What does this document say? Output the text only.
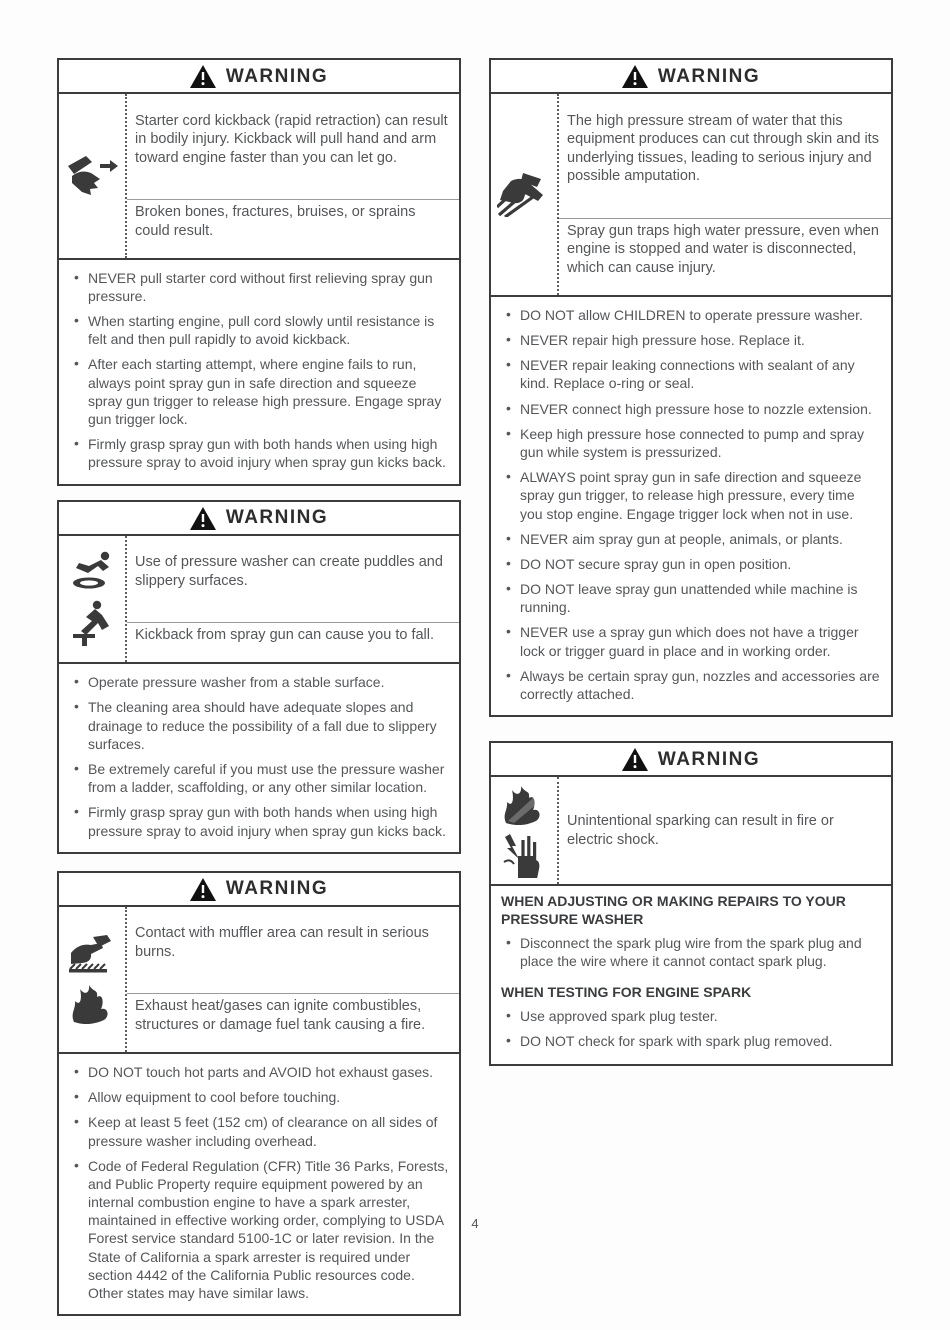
WARNING

Starter cord kickback (rapid retraction) can result in bodily injury. Kickback will pull hand and arm toward engine faster than you can let go.

Broken bones, fractures, bruises, or sprains could result.

• NEVER pull starter cord without first relieving spray gun pressure.
• When starting engine, pull cord slowly until resistance is felt and then pull rapidly to avoid kickback.
• After each starting attempt, where engine fails to run, always point spray gun in safe direction and squeeze spray gun trigger to release high pressure. Engage spray gun trigger lock.
• Firmly grasp spray gun with both hands when using high pressure spray to avoid injury when spray gun kicks back.
WARNING

Use of pressure washer can create puddles and slippery surfaces.

Kickback from spray gun can cause you to fall.

• Operate pressure washer from a stable surface.
• The cleaning area should have adequate slopes and drainage to reduce the possibility of a fall due to slippery surfaces.
• Be extremely careful if you must use the pressure washer from a ladder, scaffolding, or any other similar location.
• Firmly grasp spray gun with both hands when using high pressure spray to avoid injury when spray gun kicks back.
WARNING

Contact with muffler area can result in serious burns.

Exhaust heat/gases can ignite combustibles, structures or damage fuel tank causing a fire.

• DO NOT touch hot parts and AVOID hot exhaust gases.
• Allow equipment to cool before touching.
• Keep at least 5 feet (152 cm) of clearance on all sides of pressure washer including overhead.
• Code of Federal Regulation (CFR) Title 36 Parks, Forests, and Public Property require equipment powered by an internal combustion engine to have a spark arrester, maintained in effective working order, complying to USDA Forest service standard 5100-1C or later revision. In the State of California a spark arrester is required under section 4442 of the California Public resources code. Other states may have similar laws.
WARNING

The high pressure stream of water that this equipment produces can cut through skin and its underlying tissues, leading to serious injury and possible amputation.

Spray gun traps high water pressure, even when engine is stopped and water is disconnected, which can cause injury.

• DO NOT allow CHILDREN to operate pressure washer.
• NEVER repair high pressure hose. Replace it.
• NEVER repair leaking connections with sealant of any kind. Replace o-ring or seal.
• NEVER connect high pressure hose to nozzle extension.
• Keep high pressure hose connected to pump and spray gun while system is pressurized.
• ALWAYS point spray gun in safe direction and squeeze spray gun trigger, to release high pressure, every time you stop engine. Engage trigger lock when not in use.
• NEVER aim spray gun at people, animals, or plants.
• DO NOT secure spray gun in open position.
• DO NOT leave spray gun unattended while machine is running.
• NEVER use a spray gun which does not have a trigger lock or trigger guard in place and in working order.
• Always be certain spray gun, nozzles and accessories are correctly attached.
WARNING

Unintentional sparking can result in fire or electric shock.

WHEN ADJUSTING OR MAKING REPAIRS TO YOUR PRESSURE WASHER
• Disconnect the spark plug wire from the spark plug and place the wire where it cannot contact spark plug.
WHEN TESTING FOR ENGINE SPARK
• Use approved spark plug tester.
• DO NOT check for spark with spark plug removed.
4
